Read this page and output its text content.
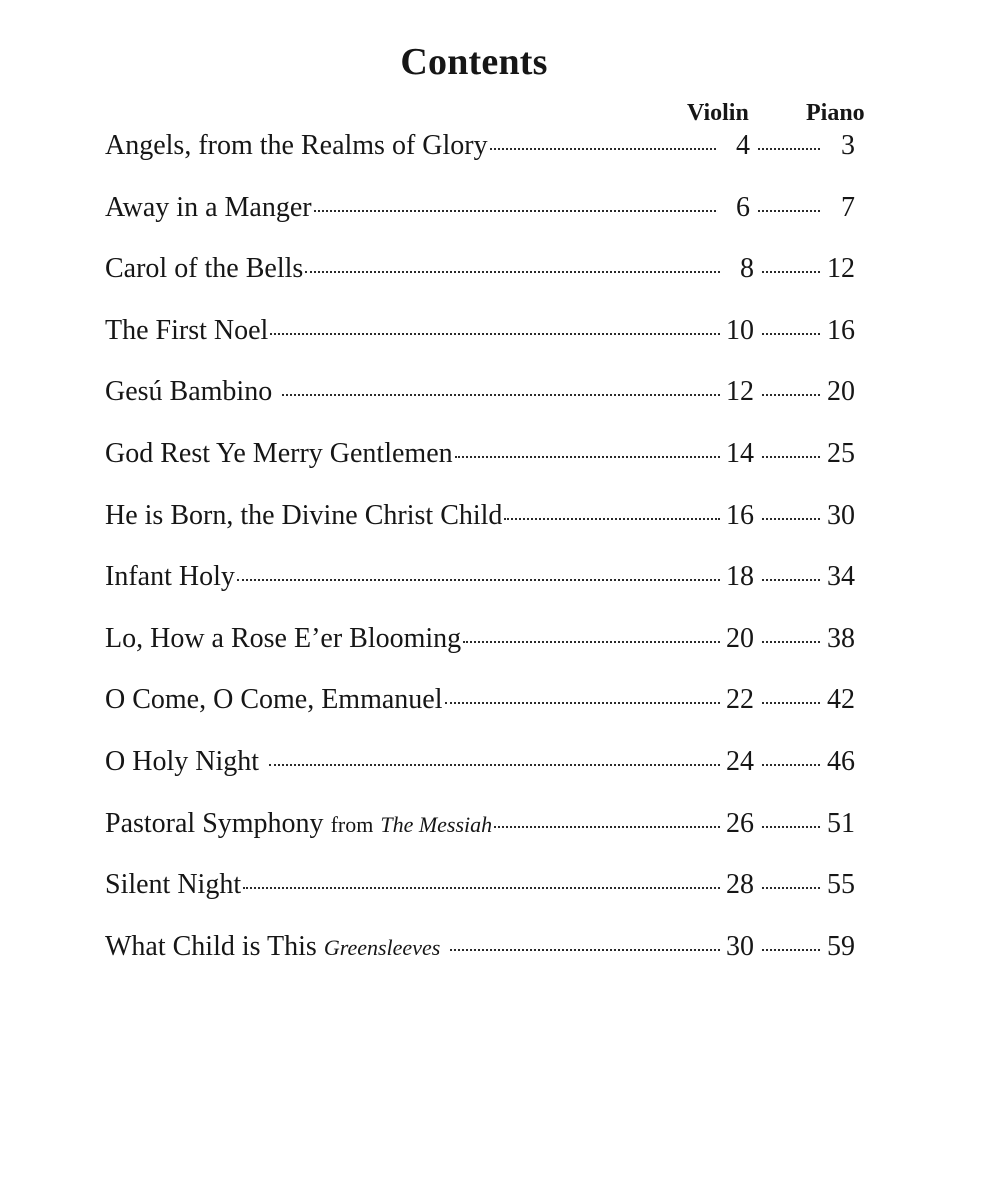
Contents
Violin Piano
Angels, from the Realms of Glory	4	3
Away in a Manger	6	7
Carol of the Bells	8	12
The First Noel	10	16
Gesú Bambino	12	20
God Rest Ye Merry Gentlemen	14	25
He is Born, the Divine Christ Child	16	30
Infant Holy	18	34
Lo, How a Rose E’er Blooming	20	38
O Come, O Come, Emmanuel	22	42
O Holy Night	24	46
Pastoral Symphony from The Messiah	26	51
Silent Night	28	55
What Child is This Greensleeves	30	59
